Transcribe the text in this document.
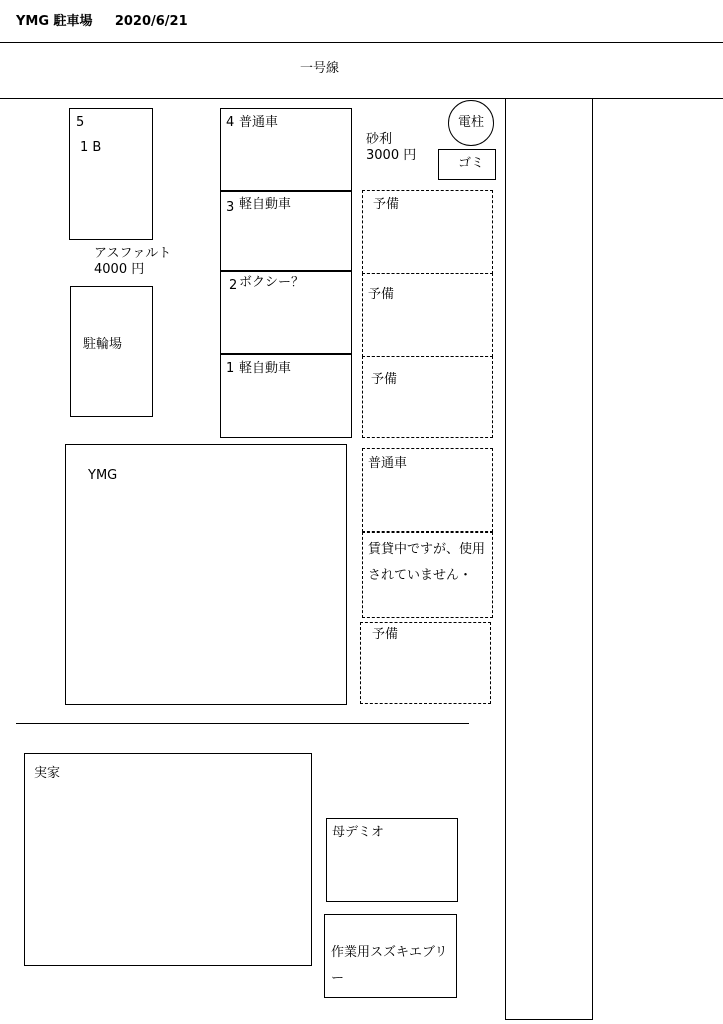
YMG 駐車場 2020/6/21
一号線
5
1 B
アスファルト
4000 円
駐輪場
4 普通車
3 軽自動車
2 ボクシー？
1 軽自動車
砂利
3000 円
電柱
ゴミ
予備
予備
予備
普通車
賃貸中ですが、使用されていません・
予備
YMG
実家
母デミオ
作業用スズキエブリー
